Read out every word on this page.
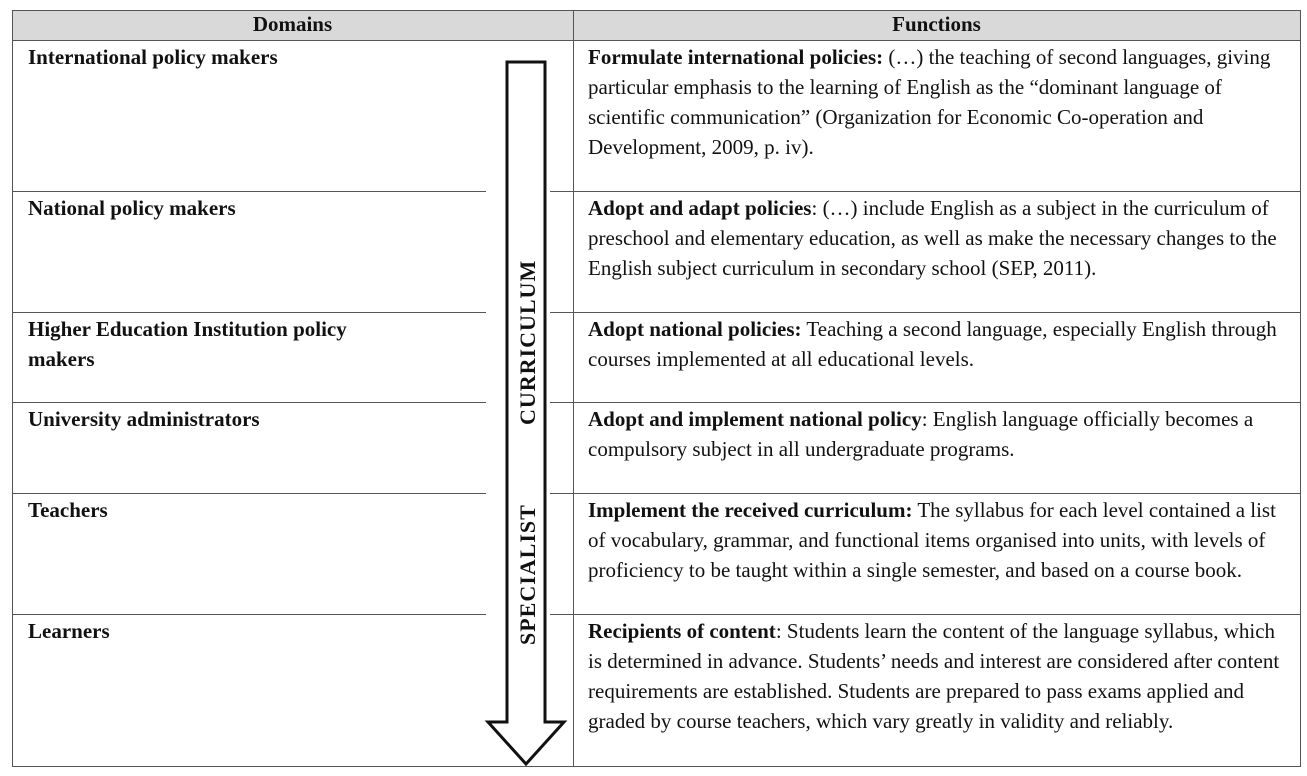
Domains	Functions
International policy makers
National policy makers
Higher Education Institution policy makers
University administrators
Teachers
Learners
Formulate international policies: (…) the teaching of second languages, giving particular emphasis to the learning of English as the “dominant language of scientific communication” (Organization for Economic Co-operation and Development, 2009, p. iv).
Adopt and adapt policies: (…) include English as a subject in the curriculum of preschool and elementary education, as well as make the necessary changes to the English subject curriculum in secondary school (SEP, 2011).
Adopt national policies: Teaching a second language, especially English through courses implemented at all educational levels.
Adopt and implement national policy: English language officially becomes a compulsory subject in all undergraduate programs.
Implement the received curriculum: The syllabus for each level contained a list of vocabulary, grammar, and functional items organised into units, with levels of proficiency to be taught within a single semester, and based on a course book.
Recipients of content: Students learn the content of the language syllabus, which is determined in advance. Students’ needs and interest are considered after content requirements are established. Students are prepared to pass exams applied and graded by course teachers, which vary greatly in validity and reliably.
CURRICULUM
SPECIALIST
